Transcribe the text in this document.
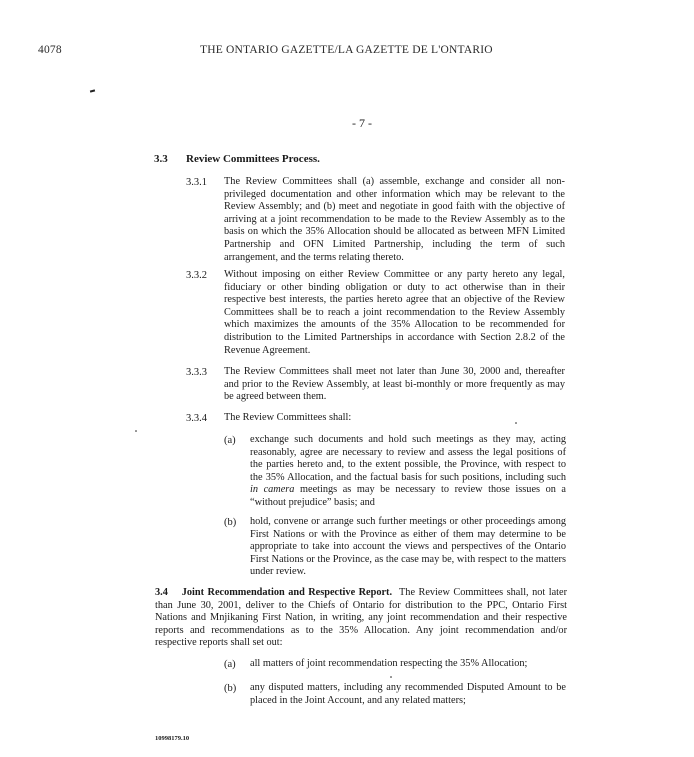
4078	THE ONTARIO GAZETTE/LA GAZETTE DE L'ONTARIO
- 7 -
3.3 Review Committees Process.
3.3.1 The Review Committees shall (a) assemble, exchange and consider all non-privileged documentation and other information which may be relevant to the Review Assembly; and (b) meet and negotiate in good faith with the objective of arriving at a joint recommendation to be made to the Review Assembly as to the basis on which the 35% Allocation should be allocated as between MFN Limited Partnership and OFN Limited Partnership, including the term of such arrangement, and the terms relating thereto.
3.3.2 Without imposing on either Review Committee or any party hereto any legal, fiduciary or other binding obligation or duty to act otherwise than in their respective best interests, the parties hereto agree that an objective of the Review Committees shall be to reach a joint recommendation to the Review Assembly which maximizes the amounts of the 35% Allocation to be recommended for distribution to the Limited Partnerships in accordance with Section 2.8.2 of the Revenue Agreement.
3.3.3 The Review Committees shall meet not later than June 30, 2000 and, thereafter and prior to the Review Assembly, at least bi-monthly or more frequently as may be agreed between them.
3.3.4 The Review Committees shall:
(a) exchange such documents and hold such meetings as they may, acting reasonably, agree are necessary to review and assess the legal positions of the parties hereto and, to the extent possible, the Province, with respect to the 35% Allocation, and the factual basis for such positions, including such in camera meetings as may be necessary to review those issues on a “without prejudice” basis; and
(b) hold, convene or arrange such further meetings or other proceedings among First Nations or with the Province as either of them may determine to be appropriate to take into account the views and perspectives of the Ontario First Nations or the Province, as the case may be, with respect to the matters under review.
3.4 Joint Recommendation and Respective Report. The Review Committees shall, not later than June 30, 2001, deliver to the Chiefs of Ontario for distribution to the PPC, Ontario First Nations and Mnjikaning First Nation, in writing, any joint recommendation and their respective reports and recommendations as to the 35% Allocation. Any joint recommendation and/or respective reports shall set out:
(a) all matters of joint recommendation respecting the 35% Allocation;
(b) any disputed matters, including any recommended Disputed Amount to be placed in the Joint Account, and any related matters;
10998179.10
